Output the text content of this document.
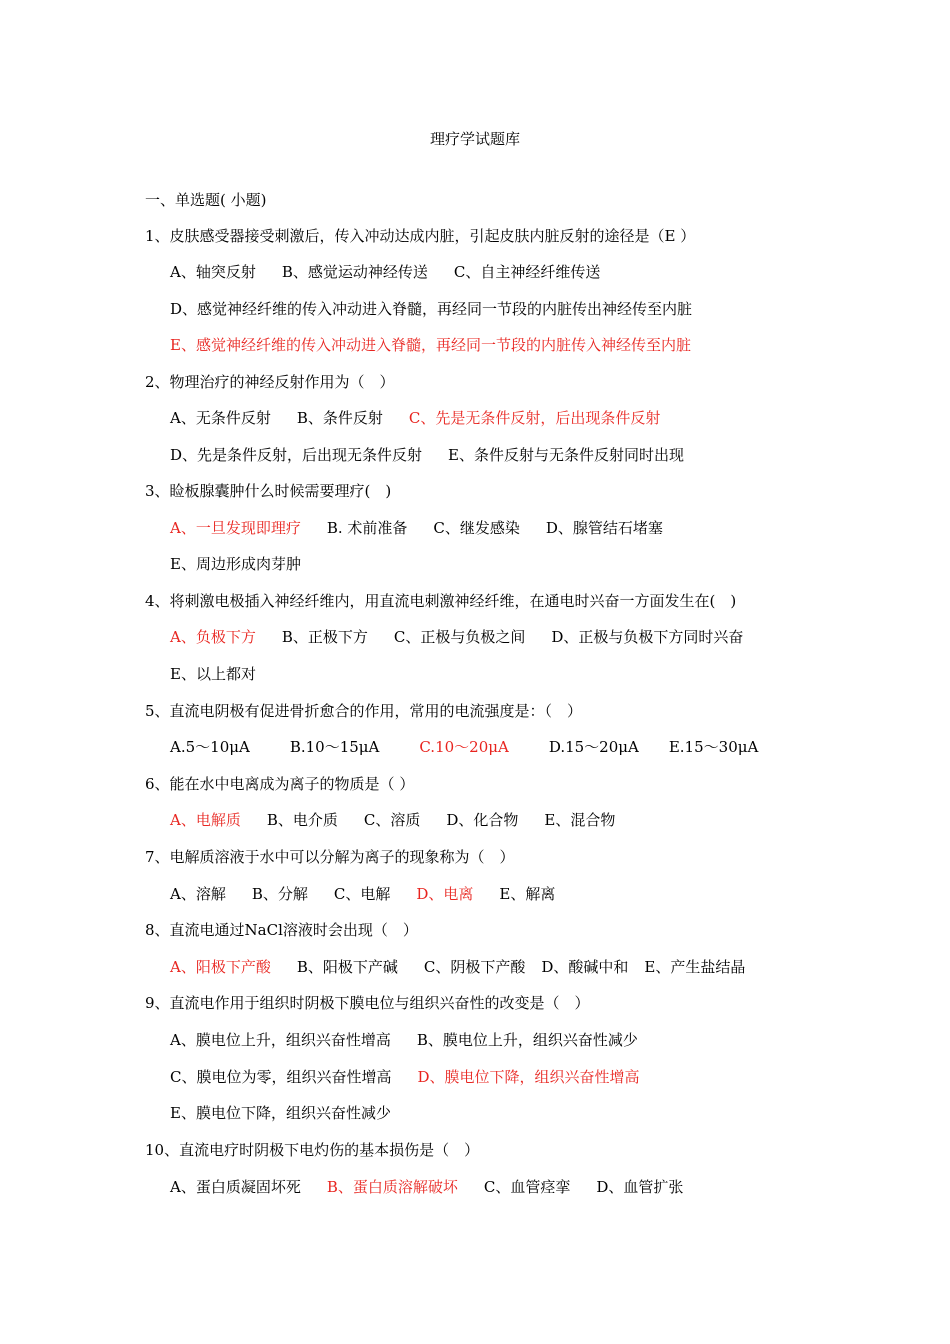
理疗学试题库
一、单选题( 小题)
1、皮肤感受器接受刺激后，传入冲动达成内脏，引起皮肤内脏反射的途径是（E ）
A、轴突反射 B、感觉运动神经传送 C、自主神经纤维传送
D、感觉神经纤维的传入冲动进入脊髓，再经同一节段的内脏传出神经传至内脏
E、感觉神经纤维的传入冲动进入脊髓，再经同一节段的内脏传入神经传至内脏
2、物理治疗的神经反射作用为（　）
A、无条件反射 B、条件反射 C、先是无条件反射，后出现条件反射
D、先是条件反射，后出现无条件反射 E、条件反射与无条件反射同时出现
3、睑板腺囊肿什么时候需要理疗(　)
A、一旦发现即理疗 B. 术前准备 C、继发感染 D、腺管结石堵塞
E、周边形成肉芽肿
4、将刺激电极插入神经纤维内，用直流电刺激神经纤维，在通电时兴奋一方面发生在(　)
A、负极下方 B、正极下方 C、正极与负极之间 D、正极与负极下方同时兴奋
E、以上都对
5、直流电阴极有促进骨折愈合的作用，常用的电流强度是：（　）
A.5～10μA	B.10～15μA	C.10～20μA	D.15～20μA E.15～30μA
6、能在水中电离成为离子的物质是（ ）
A、电解质 B、电介质 C、溶质 D、化合物 E、混合物
7、电解质溶液于水中可以分解为离子的现象称为（　）
A、溶解 B、分解 C、电解 D、电离 E、解离
8、直流电通过NaCl溶液时会出现（　）
A、阳极下产酸 B、阳极下产碱 C、阴极下产酸 D、酸碱中和 E、产生盐结晶
9、直流电作用于组织时阴极下膜电位与组织兴奋性的改变是（　）
A、膜电位上升，组织兴奋性增高 B、膜电位上升，组织兴奋性减少
C、膜电位为零，组织兴奋性增高 D、膜电位下降，组织兴奋性增高
E、膜电位下降，组织兴奋性减少
10、直流电疗时阴极下电灼伤的基本损伤是（　）
A、蛋白质凝固坏死 B、蛋白质溶解破坏 C、血管痉挛 D、血管扩张
